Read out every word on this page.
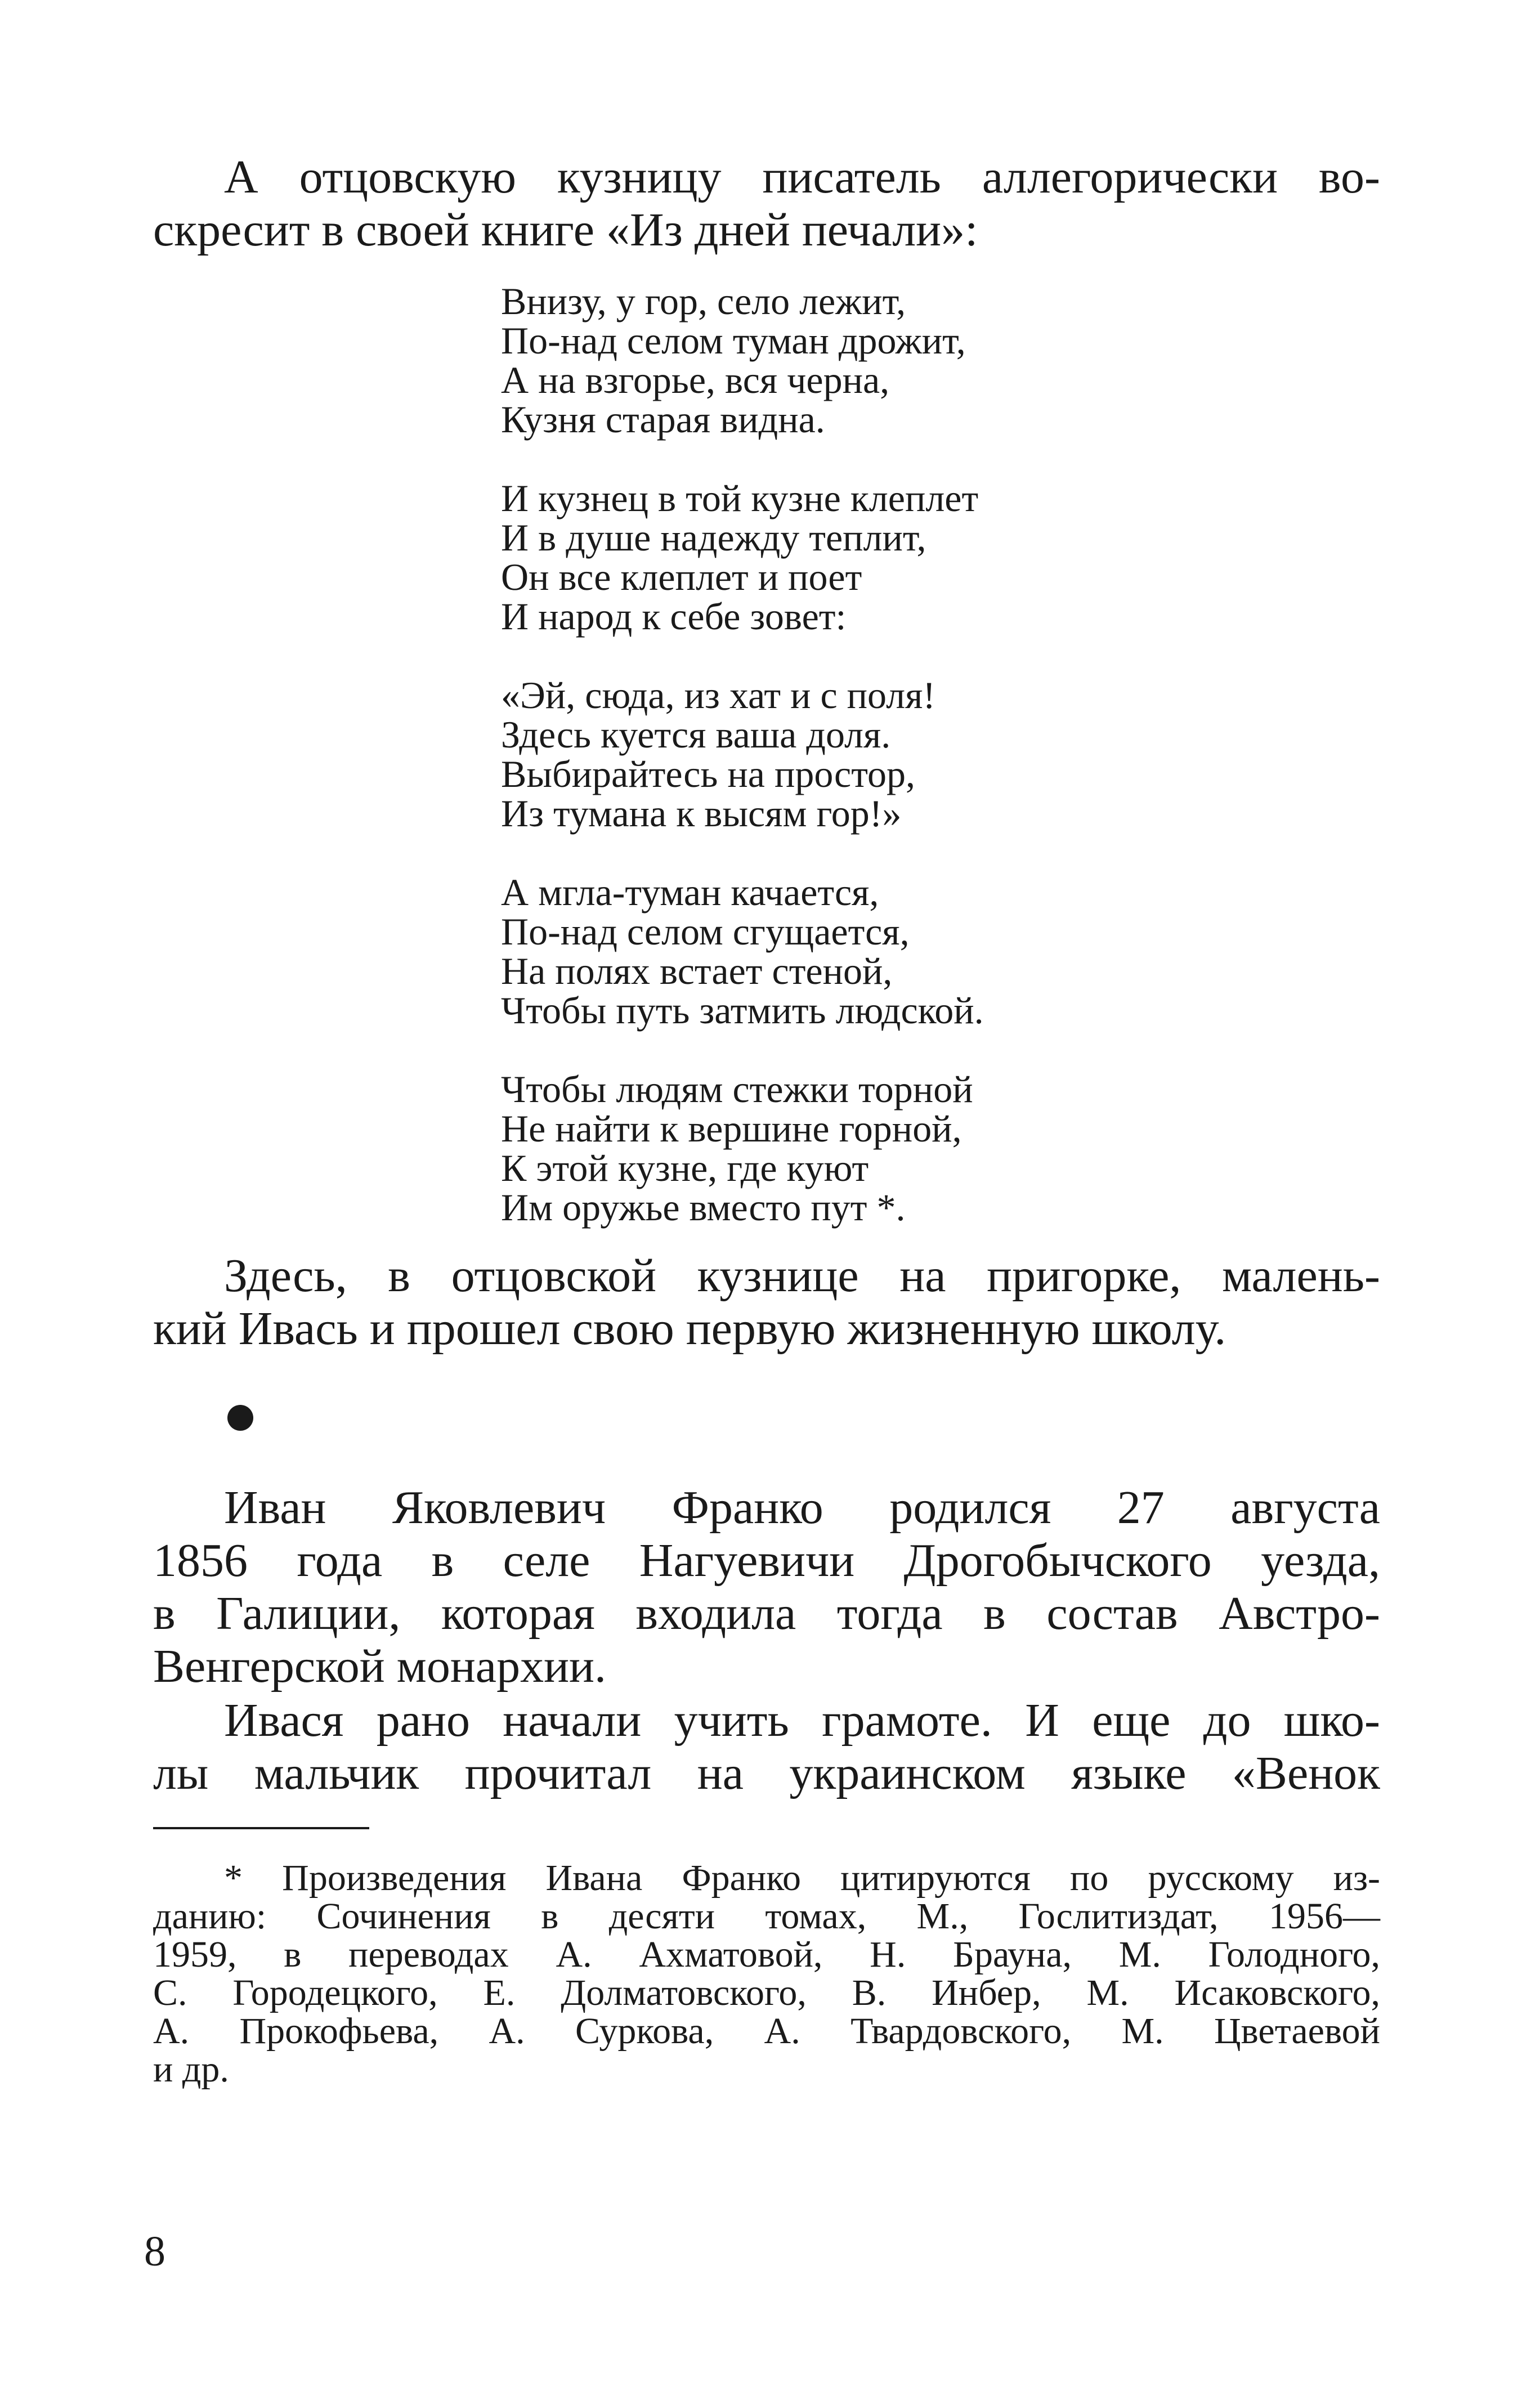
А отцовскую кузницу писатель аллегорически во-
скресит в своей книге «Из дней печали»:
Внизу, у гор, село лежит,
По-над селом туман дрожит,
А на взгорье, вся черна,
Кузня старая видна.
И кузнец в той кузне клеплет
И в душе надежду теплит,
Он все клеплет и поет
И народ к себе зовет:
«Эй, сюда, из хат и с поля!
Здесь куется ваша доля.
Выбирайтесь на простор,
Из тумана к высям гор!»
А мгла-туман качается,
По-над селом сгущается,
На полях встает стеной,
Чтобы путь затмить людской.
Чтобы людям стежки торной
Не найти к вершине горной,
К этой кузне, где куют
Им оружье вместо пут *.
Здесь, в отцовской кузнице на пригорке, малень-
кий Ивась и прошел свою первую жизненную школу.
Иван Яковлевич Франко родился 27 августа
1856 года в селе Нагуевичи Дрогобычского уезда,
в Галиции, которая входила тогда в состав Австро-
Венгерской монархии.
Ивася рано начали учить грамоте. И еще до шко-
лы мальчик прочитал на украинском языке «Венок
* Произведения Ивана Франко цитируются по русскому из-
данию: Сочинения в десяти томах, М., Гослитиздат, 1956—
1959, в переводах А. Ахматовой, Н. Брауна, М. Голодного,
С. Городецкого, Е. Долматовского, В. Инбер, М. Исаковского,
А. Прокофьева, А. Суркова, А. Твардовского, М. Цветаевой
и др.
8
